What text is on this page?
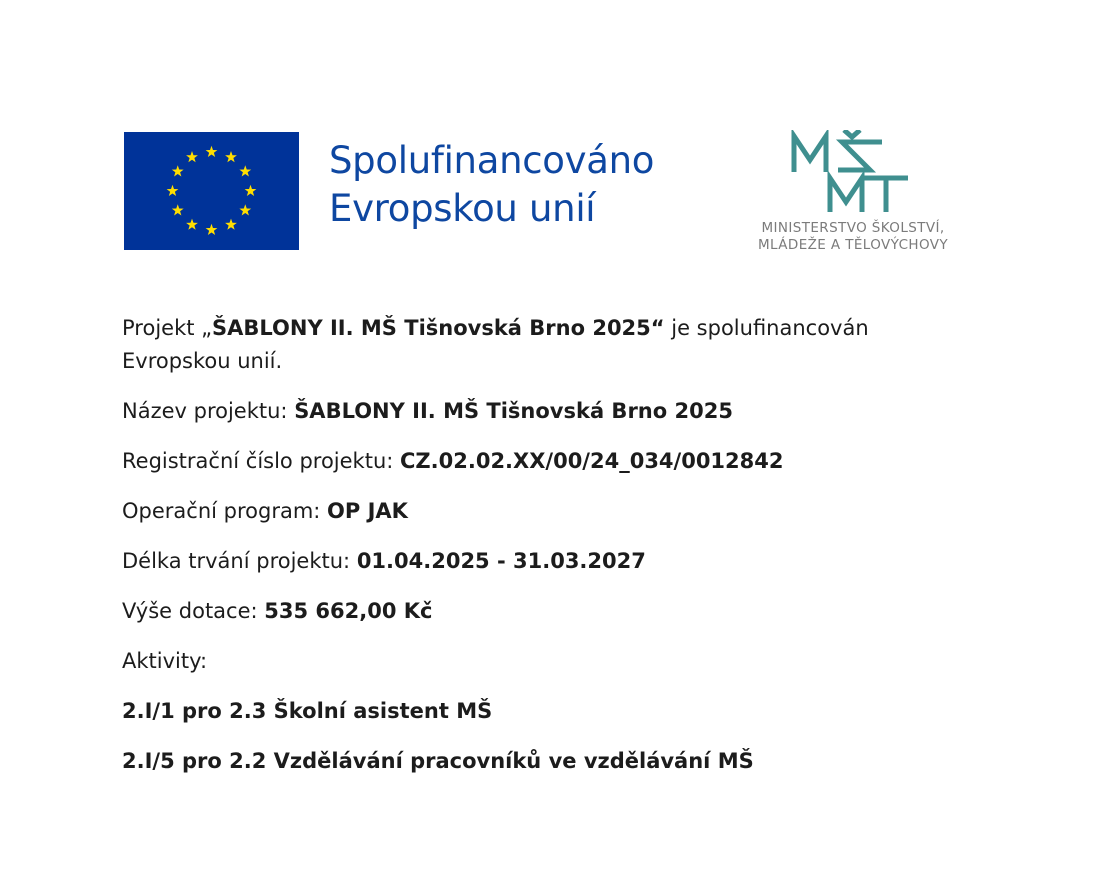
Spolufinancováno
Evropskou unií	MINISTERSTVO ŠKOLSTVÍ,
MLÁDEŽE A TĚLOVÝCHOVY

Projekt „ŠABLONY II. MŠ Tišnovská Brno 2025“ je spolufinancován Evropskou unií.

Název projektu: ŠABLONY II. MŠ Tišnovská Brno 2025

Registrační číslo projektu: CZ.02.02.XX/00/24_034/0012842

Operační program: OP JAK

Délka trvání projektu: 01.04.2025 - 31.03.2027

Výše dotace: 535 662,00 Kč

Aktivity:

2.I/1 pro 2.3 Školní asistent MŠ

2.I/5 pro 2.2 Vzdělávání pracovníků ve vzdělávání MŠ
